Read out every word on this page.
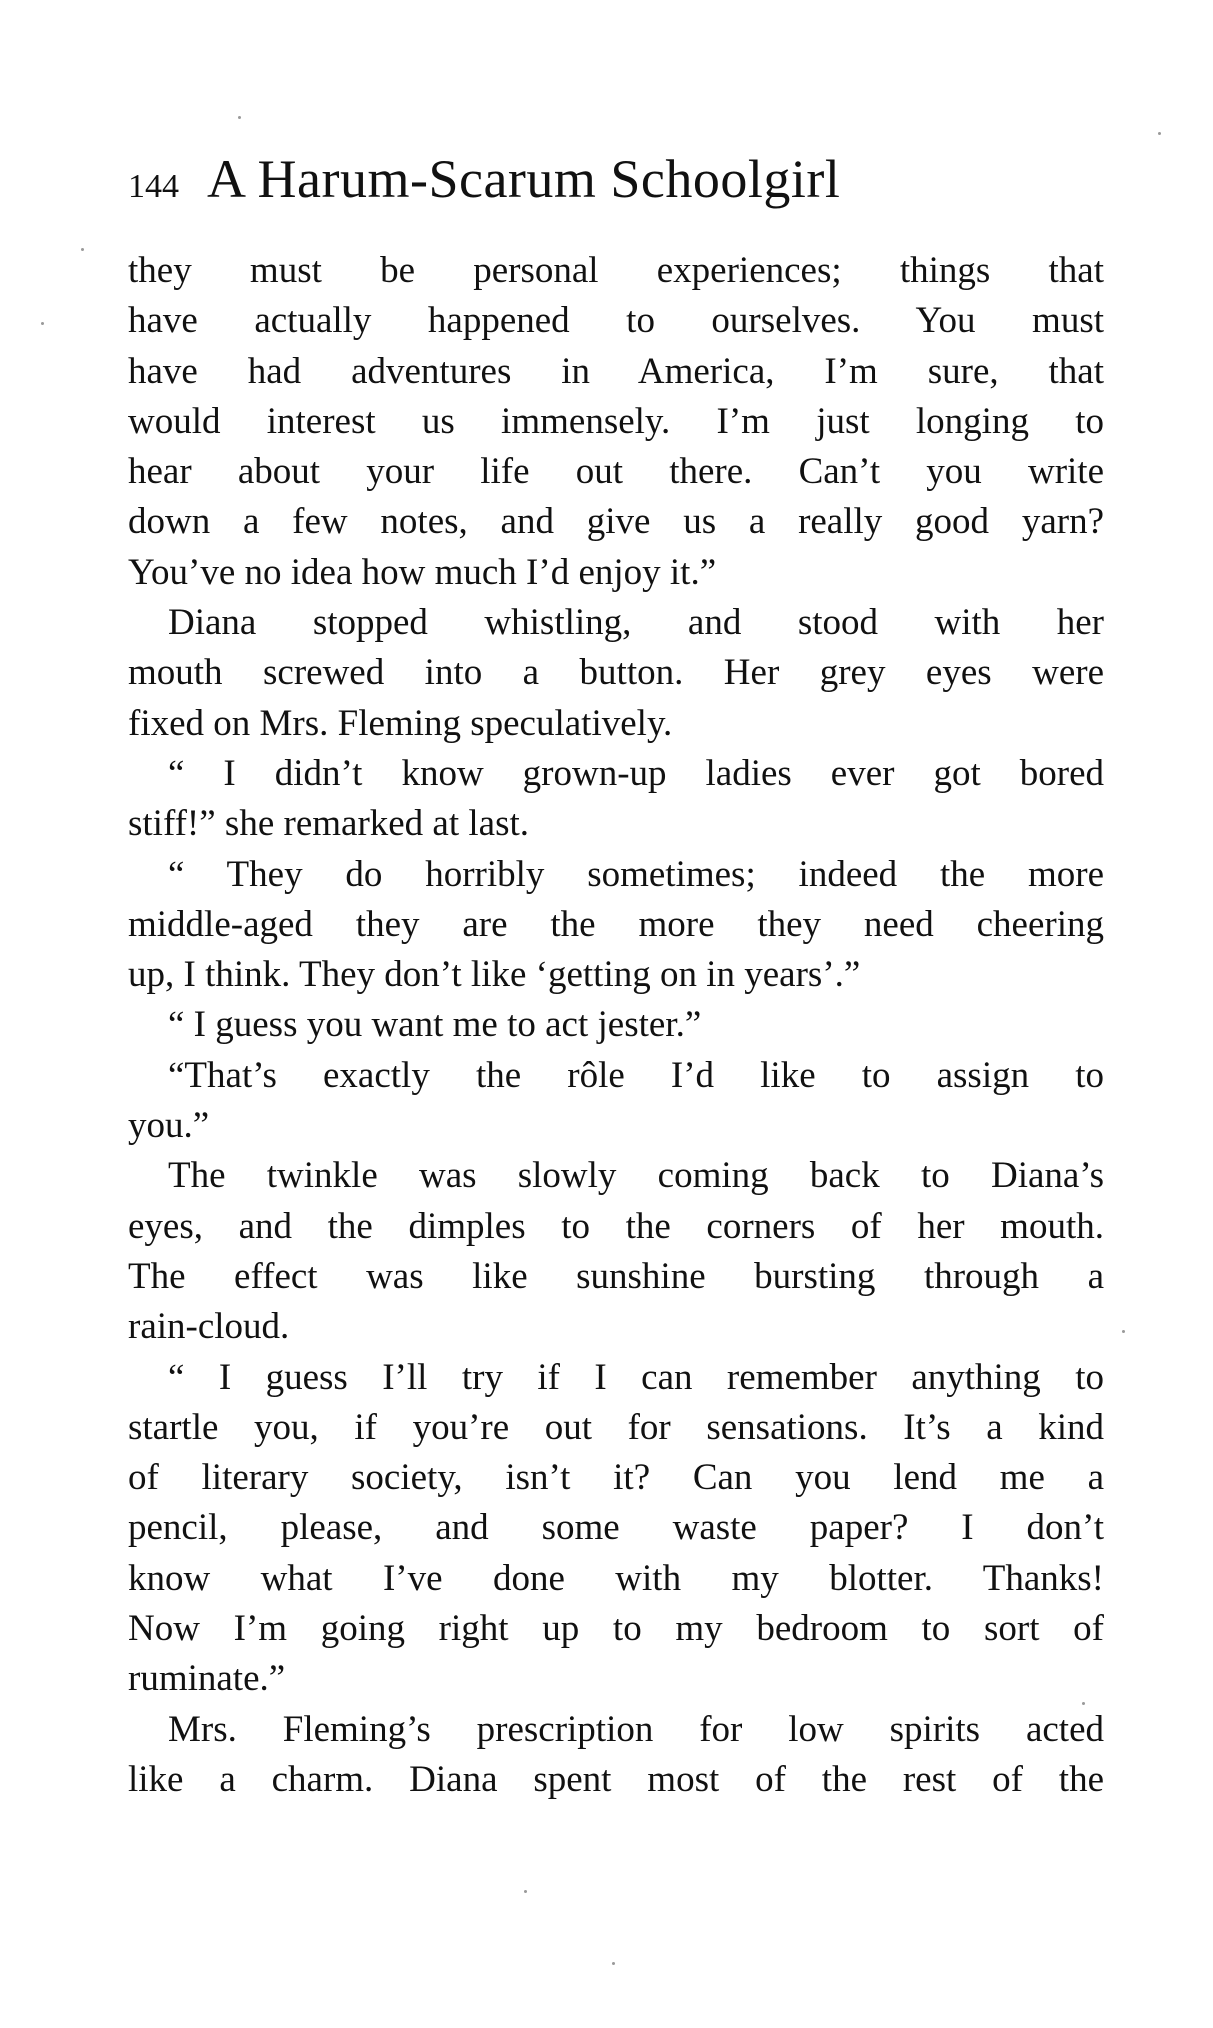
144 A Harum-Scarum Schoolgirl
they must be personal experiences; things that
have actually happened to ourselves. You must
have had adventures in America, I’m sure, that
would interest us immensely. I’m just longing to
hear about your life out there. Can’t you write
down a few notes, and give us a really good yarn?
You’ve no idea how much I’d enjoy it.”
Diana stopped whistling, and stood with her
mouth screwed into a button. Her grey eyes were
fixed on Mrs. Fleming speculatively.
“ I didn’t know grown-up ladies ever got bored
stiff!” she remarked at last.
“ They do horribly sometimes; indeed the more
middle-aged they are the more they need cheering
up, I think. They don’t like ‘getting on in years’.”
“ I guess you want me to act jester.”
“That’s exactly the rôle I’d like to assign to
you.”
The twinkle was slowly coming back to Diana’s
eyes, and the dimples to the corners of her mouth.
The effect was like sunshine bursting through a
rain-cloud.
“ I guess I’ll try if I can remember anything to
startle you, if you’re out for sensations. It’s a kind
of literary society, isn’t it? Can you lend me a
pencil, please, and some waste paper? I don’t
know what I’ve done with my blotter. Thanks!
Now I’m going right up to my bedroom to sort of
ruminate.”
Mrs. Fleming’s prescription for low spirits acted
like a charm. Diana spent most of the rest of the
